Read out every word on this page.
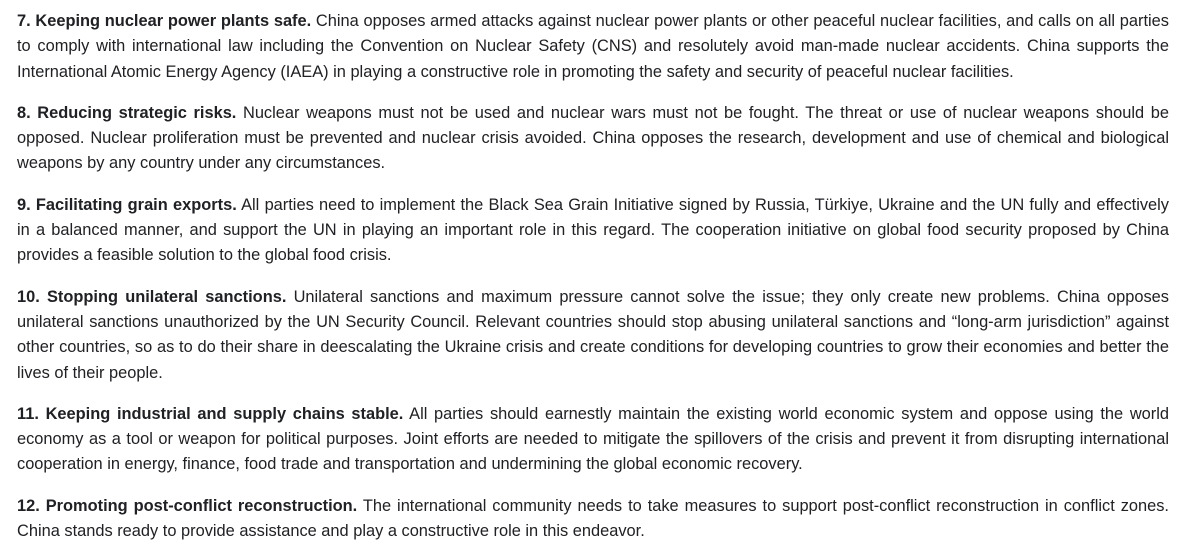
7. Keeping nuclear power plants safe. China opposes armed attacks against nuclear power plants or other peaceful nuclear facilities, and calls on all parties to comply with international law including the Convention on Nuclear Safety (CNS) and resolutely avoid man-made nuclear accidents. China supports the International Atomic Energy Agency (IAEA) in playing a constructive role in promoting the safety and security of peaceful nuclear facilities.

8. Reducing strategic risks. Nuclear weapons must not be used and nuclear wars must not be fought. The threat or use of nuclear weapons should be opposed. Nuclear proliferation must be prevented and nuclear crisis avoided. China opposes the research, development and use of chemical and biological weapons by any country under any circumstances.

9. Facilitating grain exports. All parties need to implement the Black Sea Grain Initiative signed by Russia, Türkiye, Ukraine and the UN fully and effectively in a balanced manner, and support the UN in playing an important role in this regard. The cooperation initiative on global food security proposed by China provides a feasible solution to the global food crisis.

10. Stopping unilateral sanctions. Unilateral sanctions and maximum pressure cannot solve the issue; they only create new problems. China opposes unilateral sanctions unauthorized by the UN Security Council. Relevant countries should stop abusing unilateral sanctions and “long-arm jurisdiction” against other countries, so as to do their share in deescalating the Ukraine crisis and create conditions for developing countries to grow their economies and better the lives of their people.

11. Keeping industrial and supply chains stable. All parties should earnestly maintain the existing world economic system and oppose using the world economy as a tool or weapon for political purposes. Joint efforts are needed to mitigate the spillovers of the crisis and prevent it from disrupting international cooperation in energy, finance, food trade and transportation and undermining the global economic recovery.

12. Promoting post-conflict reconstruction. The international community needs to take measures to support post-conflict reconstruction in conflict zones. China stands ready to provide assistance and play a constructive role in this endeavor.
